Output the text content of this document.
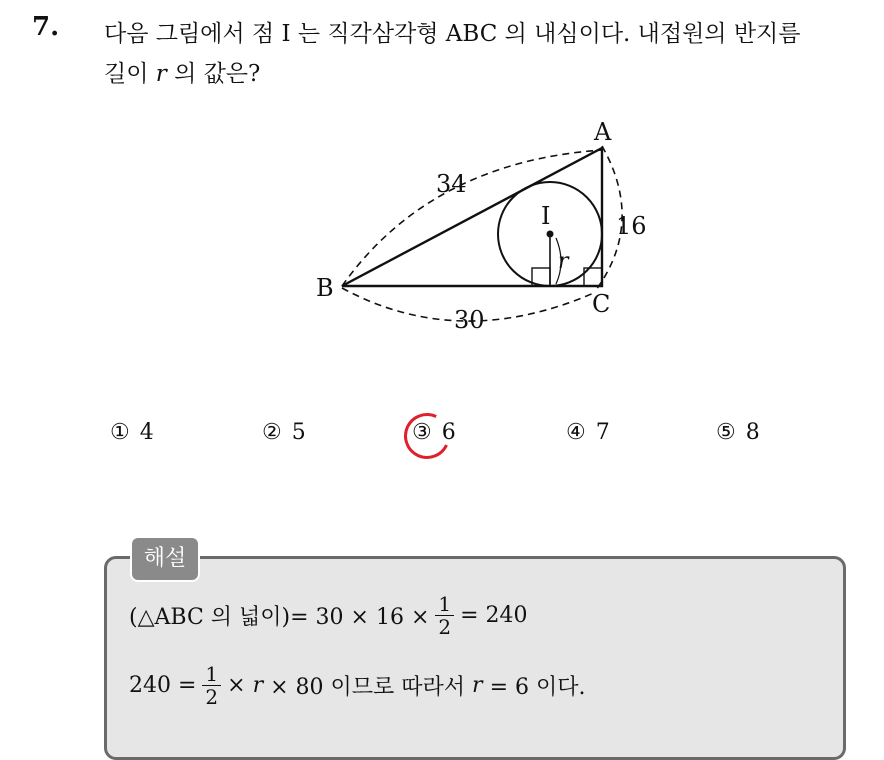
7. 다음 그림에서 점 I 는 직각삼각형 ABC 의 내심이다. 내접원의 반지름
길이 r 의 값은?
A
B
C
I
r
34
16
30
① 4	② 5	③ 6	④ 7	⑤ 8
해설
(△ABC 의 넓이)= $30 \times 16 \times \frac{1}{2} = 240$
$240 = \frac{1}{2}$ ×
r
× 80 이므로 따라서
r
= 6 이다.
